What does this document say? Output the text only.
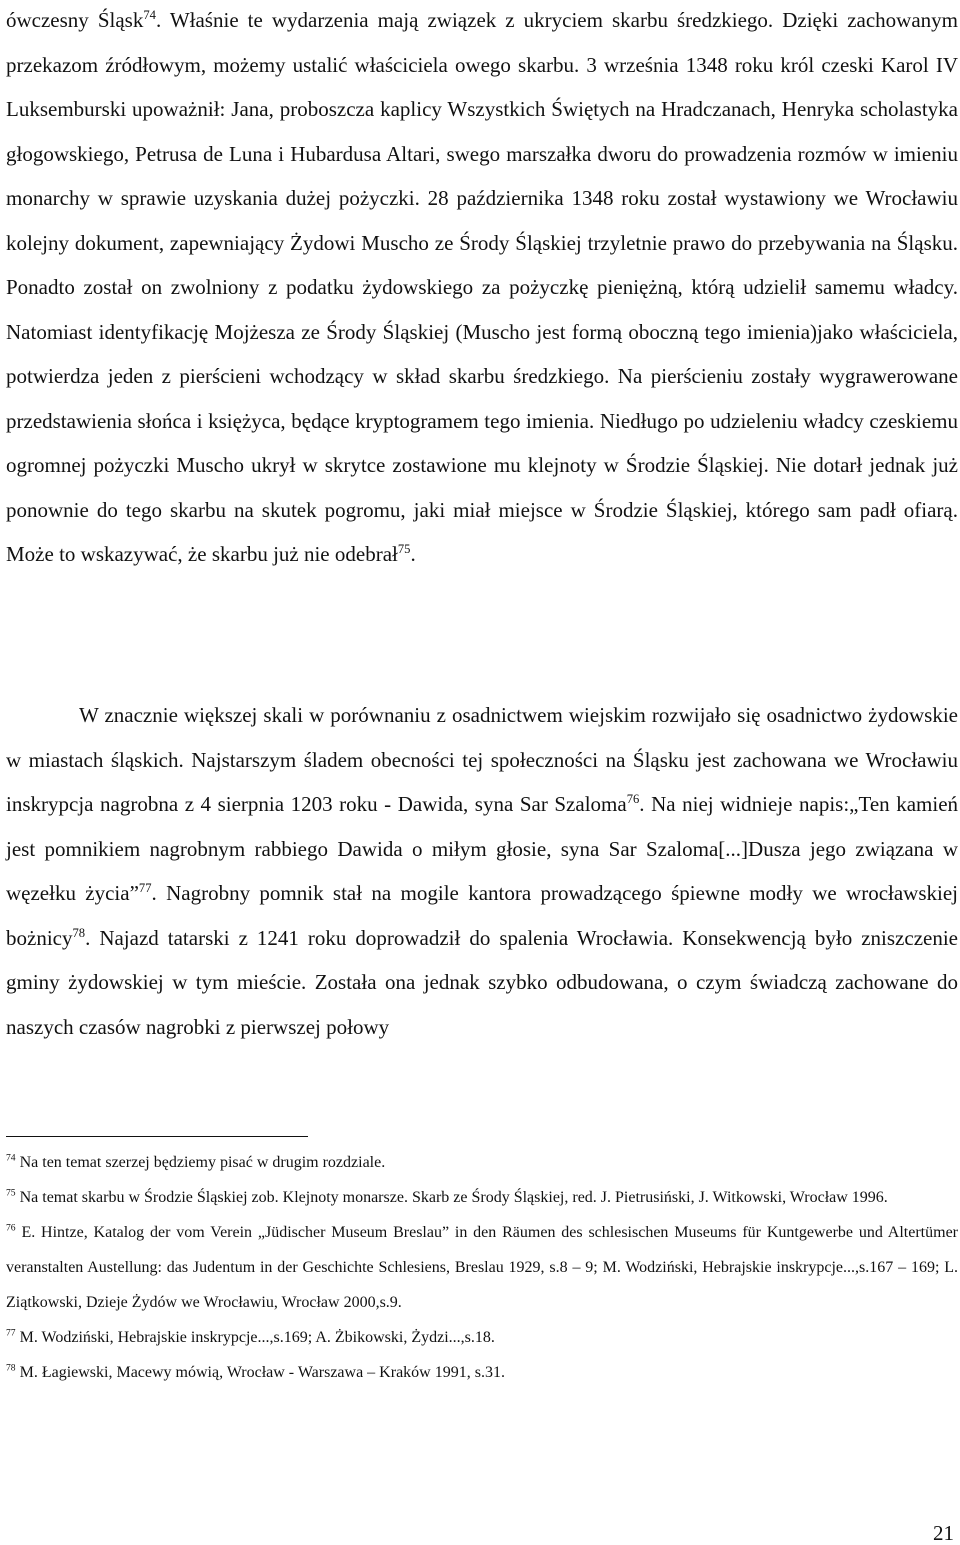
ówczesny Śląsk$^{74}$. Właśnie te wydarzenia mają związek z ukryciem skarbu średzkiego. Dzięki zachowanym przekazom źródłowym, możemy ustalić właściciela owego skarbu. 3 września 1348 roku król czeski Karol IV Luksemburski upoważnił: Jana, proboszcza kaplicy Wszystkich Świętych na Hradczanach, Henryka scholastyka głogowskiego, Petrusa de Luna i Hubardusa Altari, swego marszałka dworu do prowadzenia rozmów w imieniu monarchy w sprawie uzyskania dużej pożyczki. 28 października 1348 roku został wystawiony we Wrocławiu kolejny dokument, zapewniający Żydowi Muscho ze Środy Śląskiej trzyletnie prawo do przebywania na Śląsku. Ponadto został on zwolniony z podatku żydowskiego za pożyczkę pieniężną, którą udzielił samemu władcy. Natomiast identyfikację Mojżesza ze Środy Śląskiej (Muscho jest formą oboczną tego imienia)jako właściciela, potwierdza jeden z pierścieni wchodzący w skład skarbu średzkiego. Na pierścieniu zostały wygrawerowane przedstawienia słońca i księżyca, będące kryptogramem tego imienia. Niedługo po udzieleniu władcy czeskiemu ogromnej pożyczki Muscho ukrył w skrytce zostawione mu klejnoty w Środzie Śląskiej. Nie dotarł jednak już ponownie do tego skarbu na skutek pogromu, jaki miał miejsce w Środzie Śląskiej, którego sam padł ofiarą. Może to wskazywać, że skarbu już nie odebrał$^{75}$.

W znacznie większej skali w porównaniu z osadnictwem wiejskim rozwijało się osadnictwo żydowskie w miastach śląskich. Najstarszym śladem obecności tej społeczności na Śląsku jest zachowana we Wrocławiu inskrypcja nagrobna z 4 sierpnia 1203 roku - Dawida, syna Sar Szaloma$^{76}$. Na niej widnieje napis:„Ten kamień jest pomnikiem nagrobnym rabbiego Dawida o miłym głosie, syna Sar Szaloma[...]Dusza jego związana w węzełku życia”$^{77}$. Nagrobny pomnik stał na mogile kantora prowadzącego śpiewne modły we wrocławskiej bożnicy$^{78}$. Najazd tatarski z 1241 roku doprowadził do spalenia Wrocławia. Konsekwencją było zniszczenie gminy żydowskiej w tym mieście. Została ona jednak szybko odbudowana, o czym świadczą zachowane do naszych czasów nagrobki z pierwszej połowy

$^{74}$ Na ten temat szerzej będziemy pisać w drugim rozdziale.

$^{75}$ Na temat skarbu w Środzie Śląskiej zob. Klejnoty monarsze. Skarb ze Środy Śląskiej, red. J. Pietrusiński, J. Witkowski, Wrocław 1996.

$^{76}$ E. Hintze, Katalog der vom Verein „Jüdischer Museum Breslau” in den Räumen des schlesischen Museums für Kuntgewerbe und Altertümer veranstalten Austellung: das Judentum in der Geschichte Schlesiens, Breslau 1929, s.8 – 9; M. Wodziński, Hebrajskie inskrypcje...,s.167 – 169; L. Ziątkowski, Dzieje Żydów we Wrocławiu, Wrocław 2000,s.9.

$^{77}$ M. Wodziński, Hebrajskie inskrypcje...,s.169; A. Żbikowski, Żydzi...,s.18.

$^{78}$ M. Łagiewski, Macewy mówią, Wrocław - Warszawa – Kraków 1991, s.31.

21
